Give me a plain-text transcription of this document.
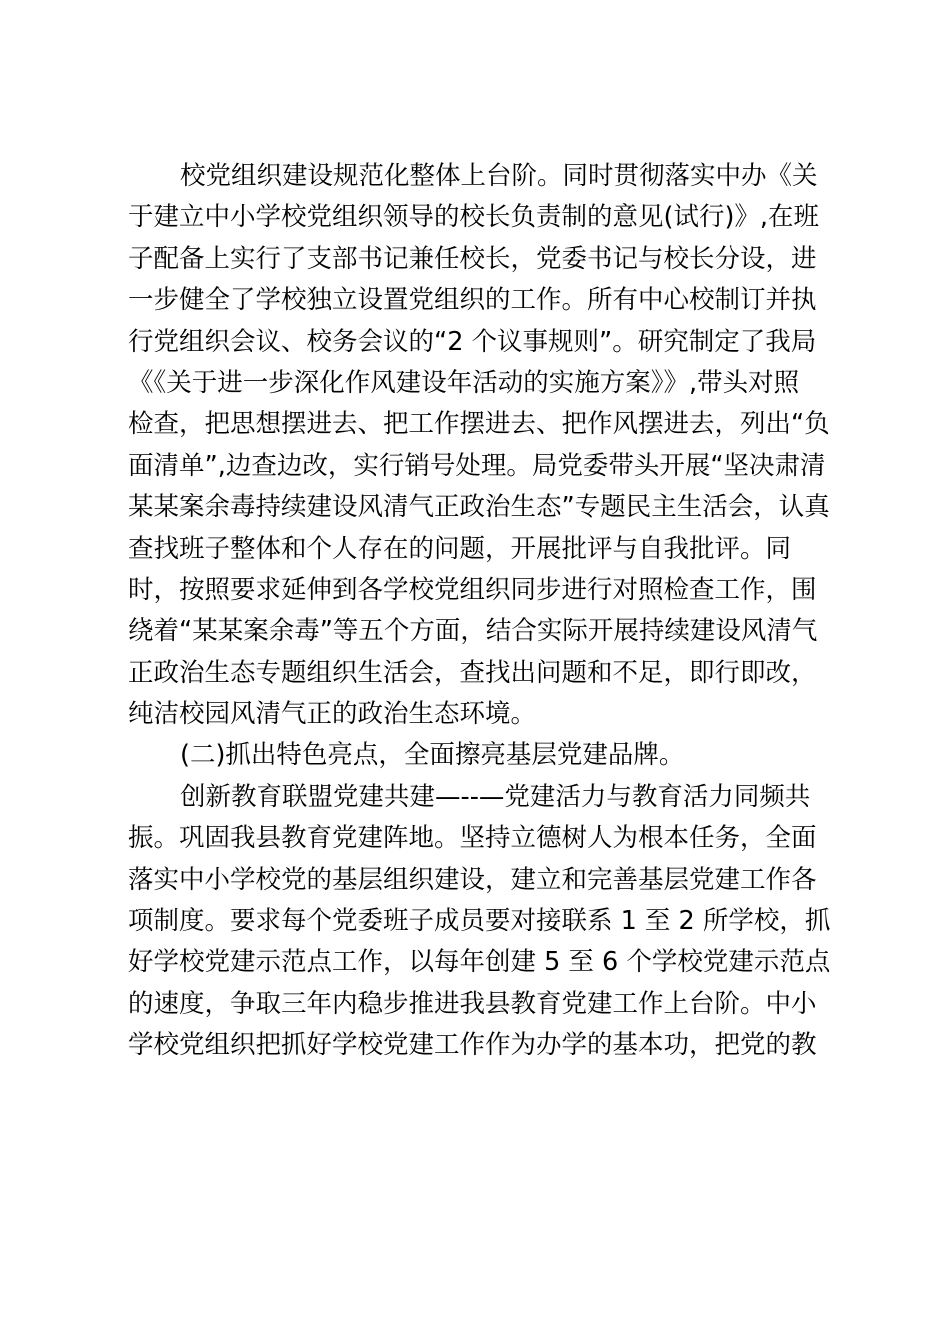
校党组织建设规范化整体上台阶。同时贯彻落实中办《关
于建立中小学校党组织领导的校长负责制的意见(试行)》,在班
子配备上实行了支部书记兼任校长，党委书记与校长分设，进
一步健全了学校独立设置党组织的工作。所有中心校制订并执
行党组织会议、校务会议的“2 个议事规则”。研究制定了我局
《《关于进一步深化作风建设年活动的实施方案》》,带头对照
检查，把思想摆进去、把工作摆进去、把作风摆进去，列出“负
面清单”,边查边改，实行销号处理。局党委带头开展“坚决肃清
某某案余毒持续建设风清气正政治生态”专题民主生活会，认真
查找班子整体和个人存在的问题，开展批评与自我批评。同
时，按照要求延伸到各学校党组织同步进行对照检查工作，围
绕着“某某案余毒”等五个方面，结合实际开展持续建设风清气
正政治生态专题组织生活会，查找出问题和不足，即行即改，
纯洁校园风清气正的政治生态环境。
(二)抓出特色亮点，全面擦亮基层党建品牌。
创新教育联盟党建共建—--—党建活力与教育活力同频共
振。巩固我县教育党建阵地。坚持立德树人为根本任务，全面
落实中小学校党的基层组织建设，建立和完善基层党建工作各
项制度。要求每个党委班子成员要对接联系 1 至 2 所学校，抓
好学校党建示范点工作，以每年创建 5 至 6 个学校党建示范点
的速度，争取三年内稳步推进我县教育党建工作上台阶。中小
学校党组织把抓好学校党建工作作为办学的基本功，把党的教
